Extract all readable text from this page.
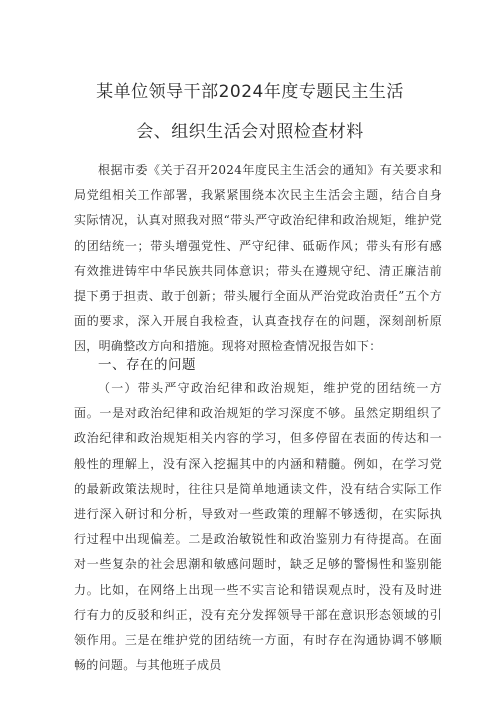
某单位领导干部2024年度专题民主生活
会、组织生活会对照检查材料

根据市委《关于召开2024年度民主生活会的通知》有关要求和局党组相关工作部署，我紧紧围绕本次民主生活会主题，结合自身实际情况，认真对照我对照“带头严守政治纪律和政治规矩，维护党的团结统一；带头增强党性、严守纪律、砥砺作风；带头有形有感有效推进铸牢中华民族共同体意识；带头在遵规守纪、清正廉洁前提下勇于担责、敢于创新；带头履行全面从严治党政治责任”五个方面的要求，深入开展自我检查，认真查找存在的问题，深刻剖析原因，明确整改方向和措施。现将对照检查情况报告如下：

一、存在的问题

（一）带头严守政治纪律和政治规矩，维护党的团结统一方面。一是对政治纪律和政治规矩的学习深度不够。虽然定期组织了政治纪律和政治规矩相关内容的学习，但多停留在表面的传达和一般性的理解上，没有深入挖掘其中的内涵和精髓。例如，在学习党的最新政策法规时，往往只是简单地通读文件，没有结合实际工作进行深入研讨和分析，导致对一些政策的理解不够透彻，在实际执行过程中出现偏差。二是政治敏锐性和政治鉴别力有待提高。在面对一些复杂的社会思潮和敏感问题时，缺乏足够的警惕性和鉴别能力。比如，在网络上出现一些不实言论和错误观点时，没有及时进行有力的反驳和纠正，没有充分发挥领导干部在意识形态领域的引领作用。三是在维护党的团结统一方面，有时存在沟通协调不够顺畅的问题。与其他班子成员
